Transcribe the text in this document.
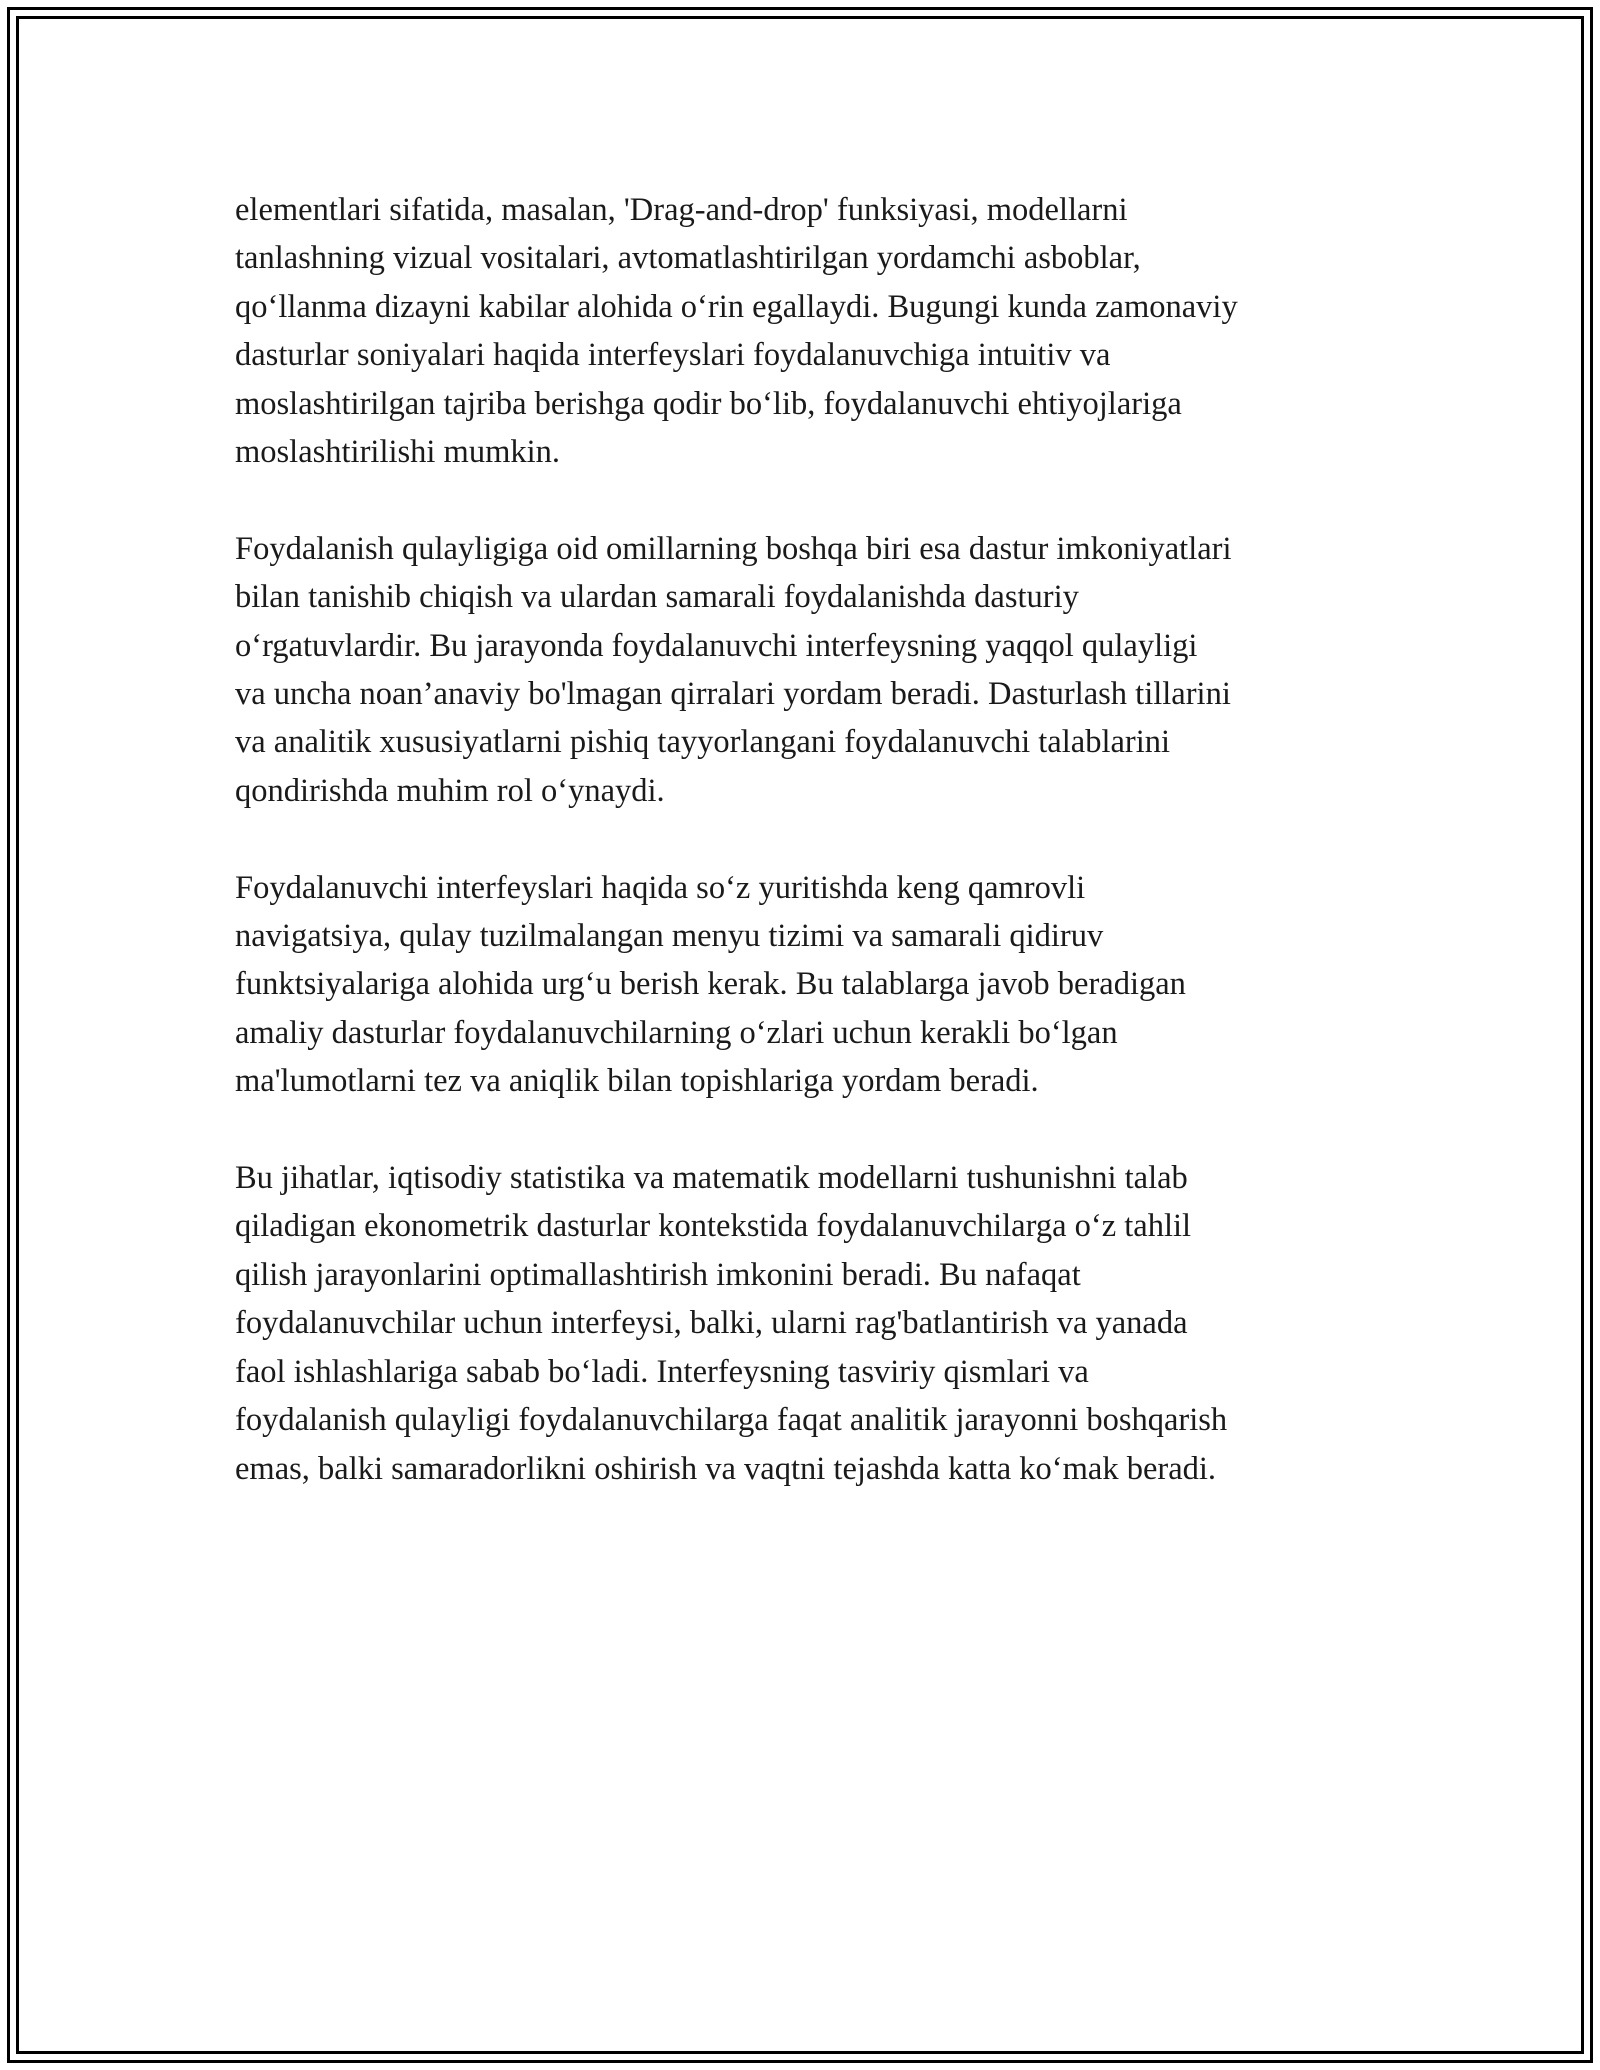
elementlari sifatida, masalan, 'Drag-and-drop' funksiyasi, modellarni
tanlashning vizual vositalari, avtomatlashtirilgan yordamchi asboblar,
qo‘llanma dizayni kabilar alohida o‘rin egallaydi. Bugungi kunda zamonaviy
dasturlar soniyalari haqida interfeyslari foydalanuvchiga intuitiv va
moslashtirilgan tajriba berishga qodir bo‘lib, foydalanuvchi ehtiyojlariga
moslashtirilishi mumkin.

Foydalanish qulayligiga oid omillarning boshqa biri esa dastur imkoniyatlari
bilan tanishib chiqish va ulardan samarali foydalanishda dasturiy
o‘rgatuvlardir. Bu jarayonda foydalanuvchi interfeysning yaqqol qulayligi
va uncha noan’anaviy bo'lmagan qirralari yordam beradi. Dasturlash tillarini
va analitik xususiyatlarni pishiq tayyorlangani foydalanuvchi talablarini
qondirishda muhim rol o‘ynaydi.

Foydalanuvchi interfeyslari haqida so‘z yuritishda keng qamrovli
navigatsiya, qulay tuzilmalangan menyu tizimi va samarali qidiruv
funktsiyalariga alohida urg‘u berish kerak. Bu talablarga javob beradigan
amaliy dasturlar foydalanuvchilarning o‘zlari uchun kerakli bo‘lgan
ma'lumotlarni tez va aniqlik bilan topishlariga yordam beradi.

Bu jihatlar, iqtisodiy statistika va matematik modellarni tushunishni talab
qiladigan ekonometrik dasturlar kontekstida foydalanuvchilarga o‘z tahlil
qilish jarayonlarini optimallashtirish imkonini beradi. Bu nafaqat
foydalanuvchilar uchun interfeysi, balki, ularni rag'batlantirish va yanada
faol ishlashlariga sabab bo‘ladi. Interfeysning tasviriy qismlari va
foydalanish qulayligi foydalanuvchilarga faqat analitik jarayonni boshqarish
emas, balki samaradorlikni oshirish va vaqtni tejashda katta ko‘mak beradi.
